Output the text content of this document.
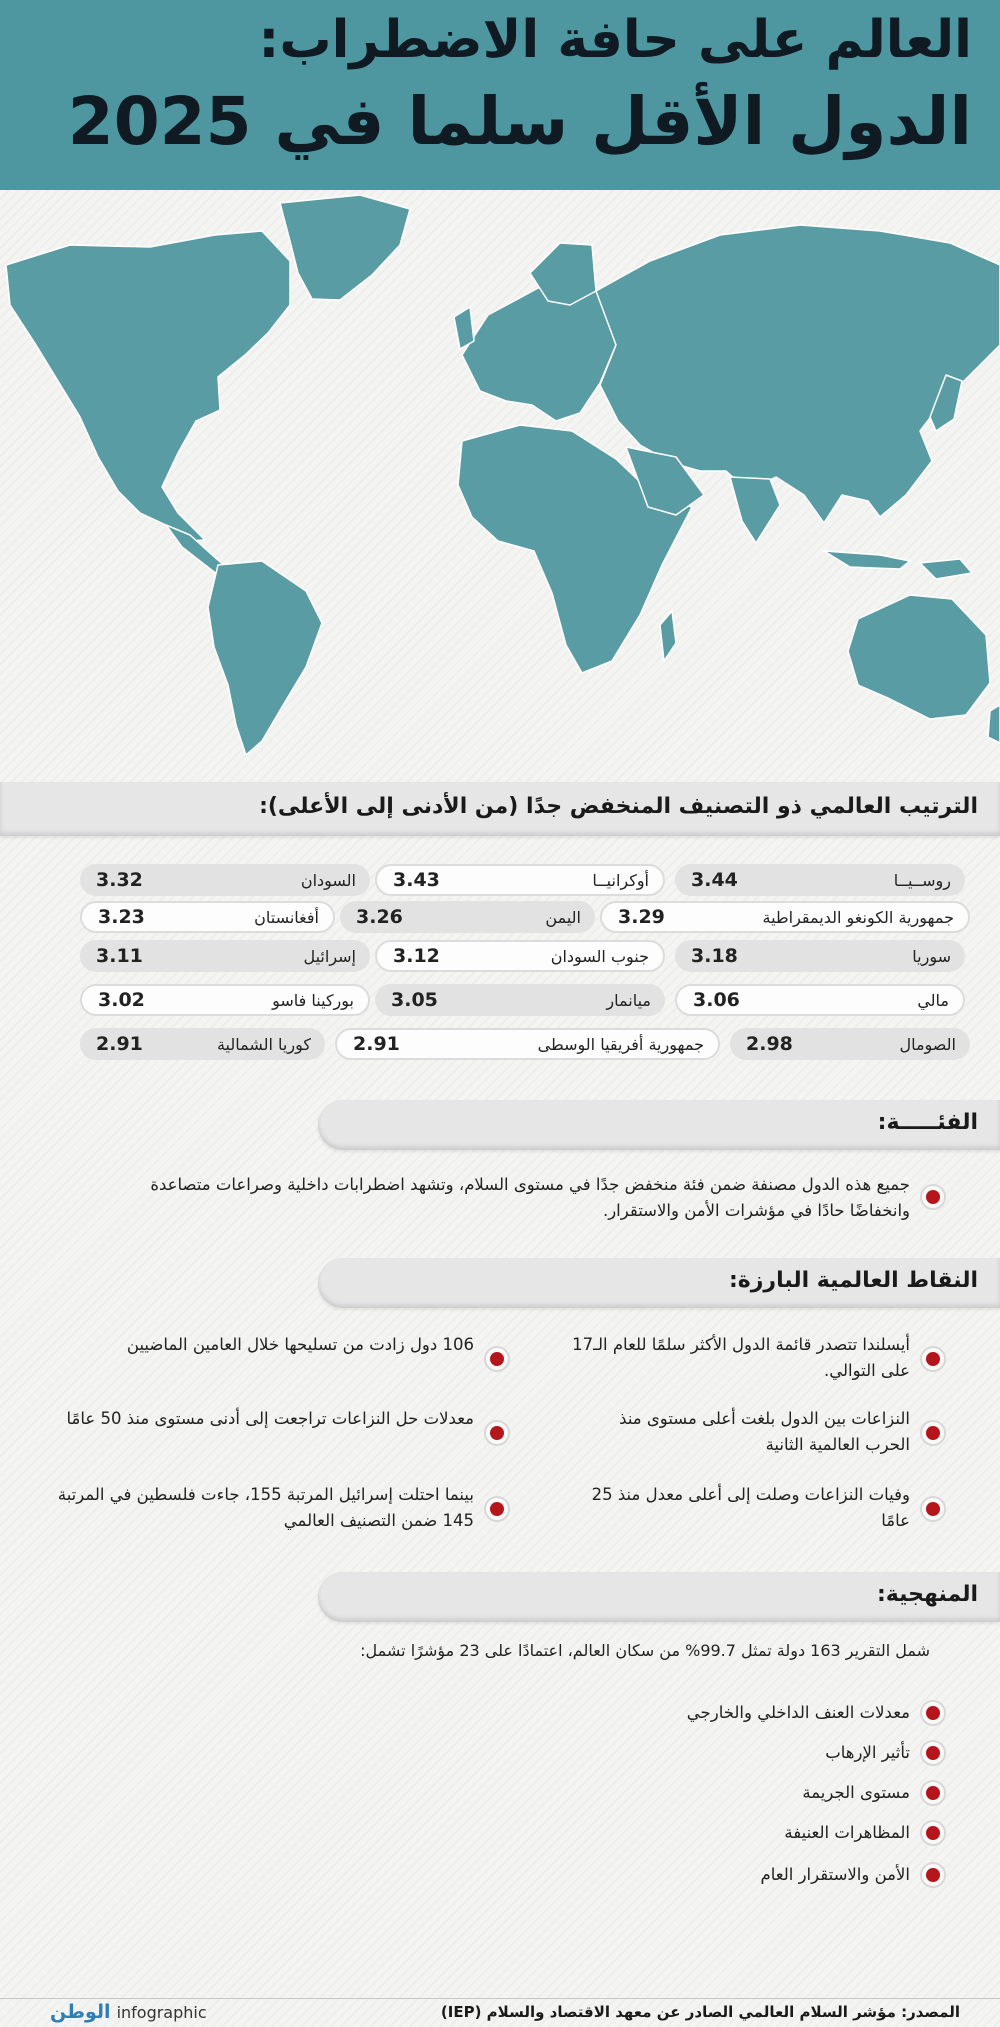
العالم على حافة الاضطراب:
الدول الأقل سلما في 2025
الترتيب العالمي ذو التصنيف المنخفض جدًا (من الأدنى إلى الأعلى):
روســيــا
3.44
أوكرانيــا
3.43
السودان
3.32
جمهورية الكونغو الديمقراطية
3.29
اليمن
3.26
أفغانستان
3.23
سوريا
3.18
جنوب السودان
3.12
إسرائيل
3.11
مالي
3.06
ميانمار
3.05
بوركينا فاسو
3.02
الصومال
2.98
جمهورية أفريقيا الوسطى
2.91
كوريا الشمالية
2.91
الفئـــــة:
جميع هذه الدول مصنفة ضمن فئة منخفض جدًا في مستوى السلام، وتشهد اضطرابات داخلية وصراعات متصاعدة وانخفاضًا حادًا في مؤشرات الأمن والاستقرار.
النقاط العالمية البارزة:
أيسلندا تتصدر قائمة الدول الأكثر سلمًا للعام الـ17 على التوالي.
النزاعات بين الدول بلغت أعلى مستوى منذ الحرب العالمية الثانية
وفيات النزاعات وصلت إلى أعلى معدل منذ 25 عامًا
106 دول زادت من تسليحها خلال العامين الماضيين
معدلات حل النزاعات تراجعت إلى أدنى مستوى منذ 50 عامًا
بينما احتلت إسرائيل المرتبة 155، جاءت فلسطين في المرتبة 145 ضمن التصنيف العالمي
المنهجية:
شمل التقرير 163 دولة تمثل 99.7% من سكان العالم، اعتمادًا على 23 مؤشرًا تشمل:
معدلات العنف الداخلي والخارجي
تأثير الإرهاب
مستوى الجريمة
المظاهرات العنيفة
الأمن والاستقرار العام
المصدر: مؤشر السلام العالمي الصادر عن معهد الاقتصاد والسلام (IEP)
الوطن infographic
